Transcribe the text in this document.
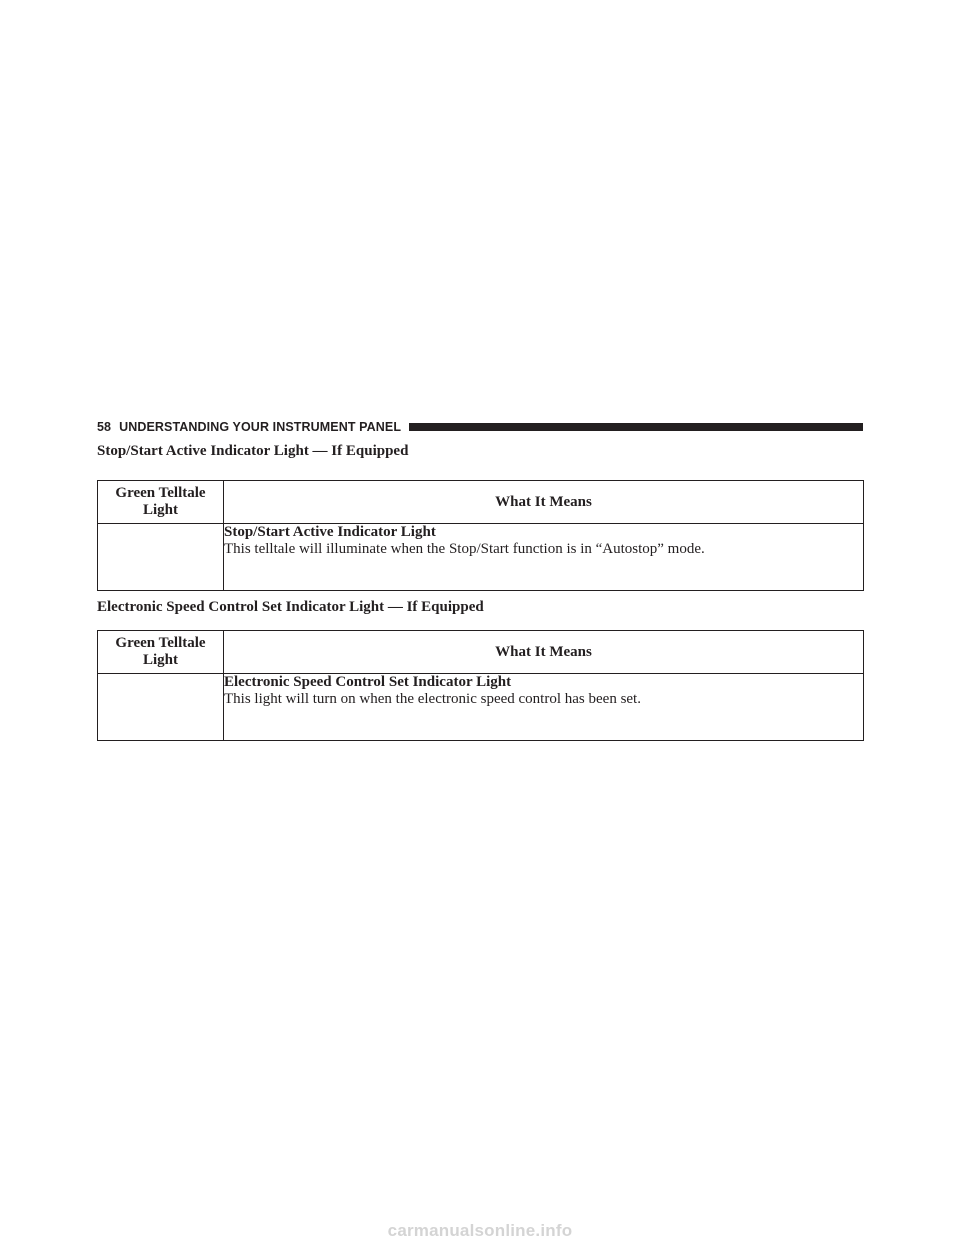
58 UNDERSTANDING YOUR INSTRUMENT PANEL
Stop/Start Active Indicator Light — If Equipped
Green Telltale
Light	What It Means

	Stop/Start Active Indicator Light
This telltale will illuminate when the Stop/Start function is in “Autostop” mode.
Electronic Speed Control Set Indicator Light — If Equipped
Green Telltale
Light	What It Means

	Electronic Speed Control Set Indicator Light
This light will turn on when the electronic speed control has been set.
carmanualsonline.info
